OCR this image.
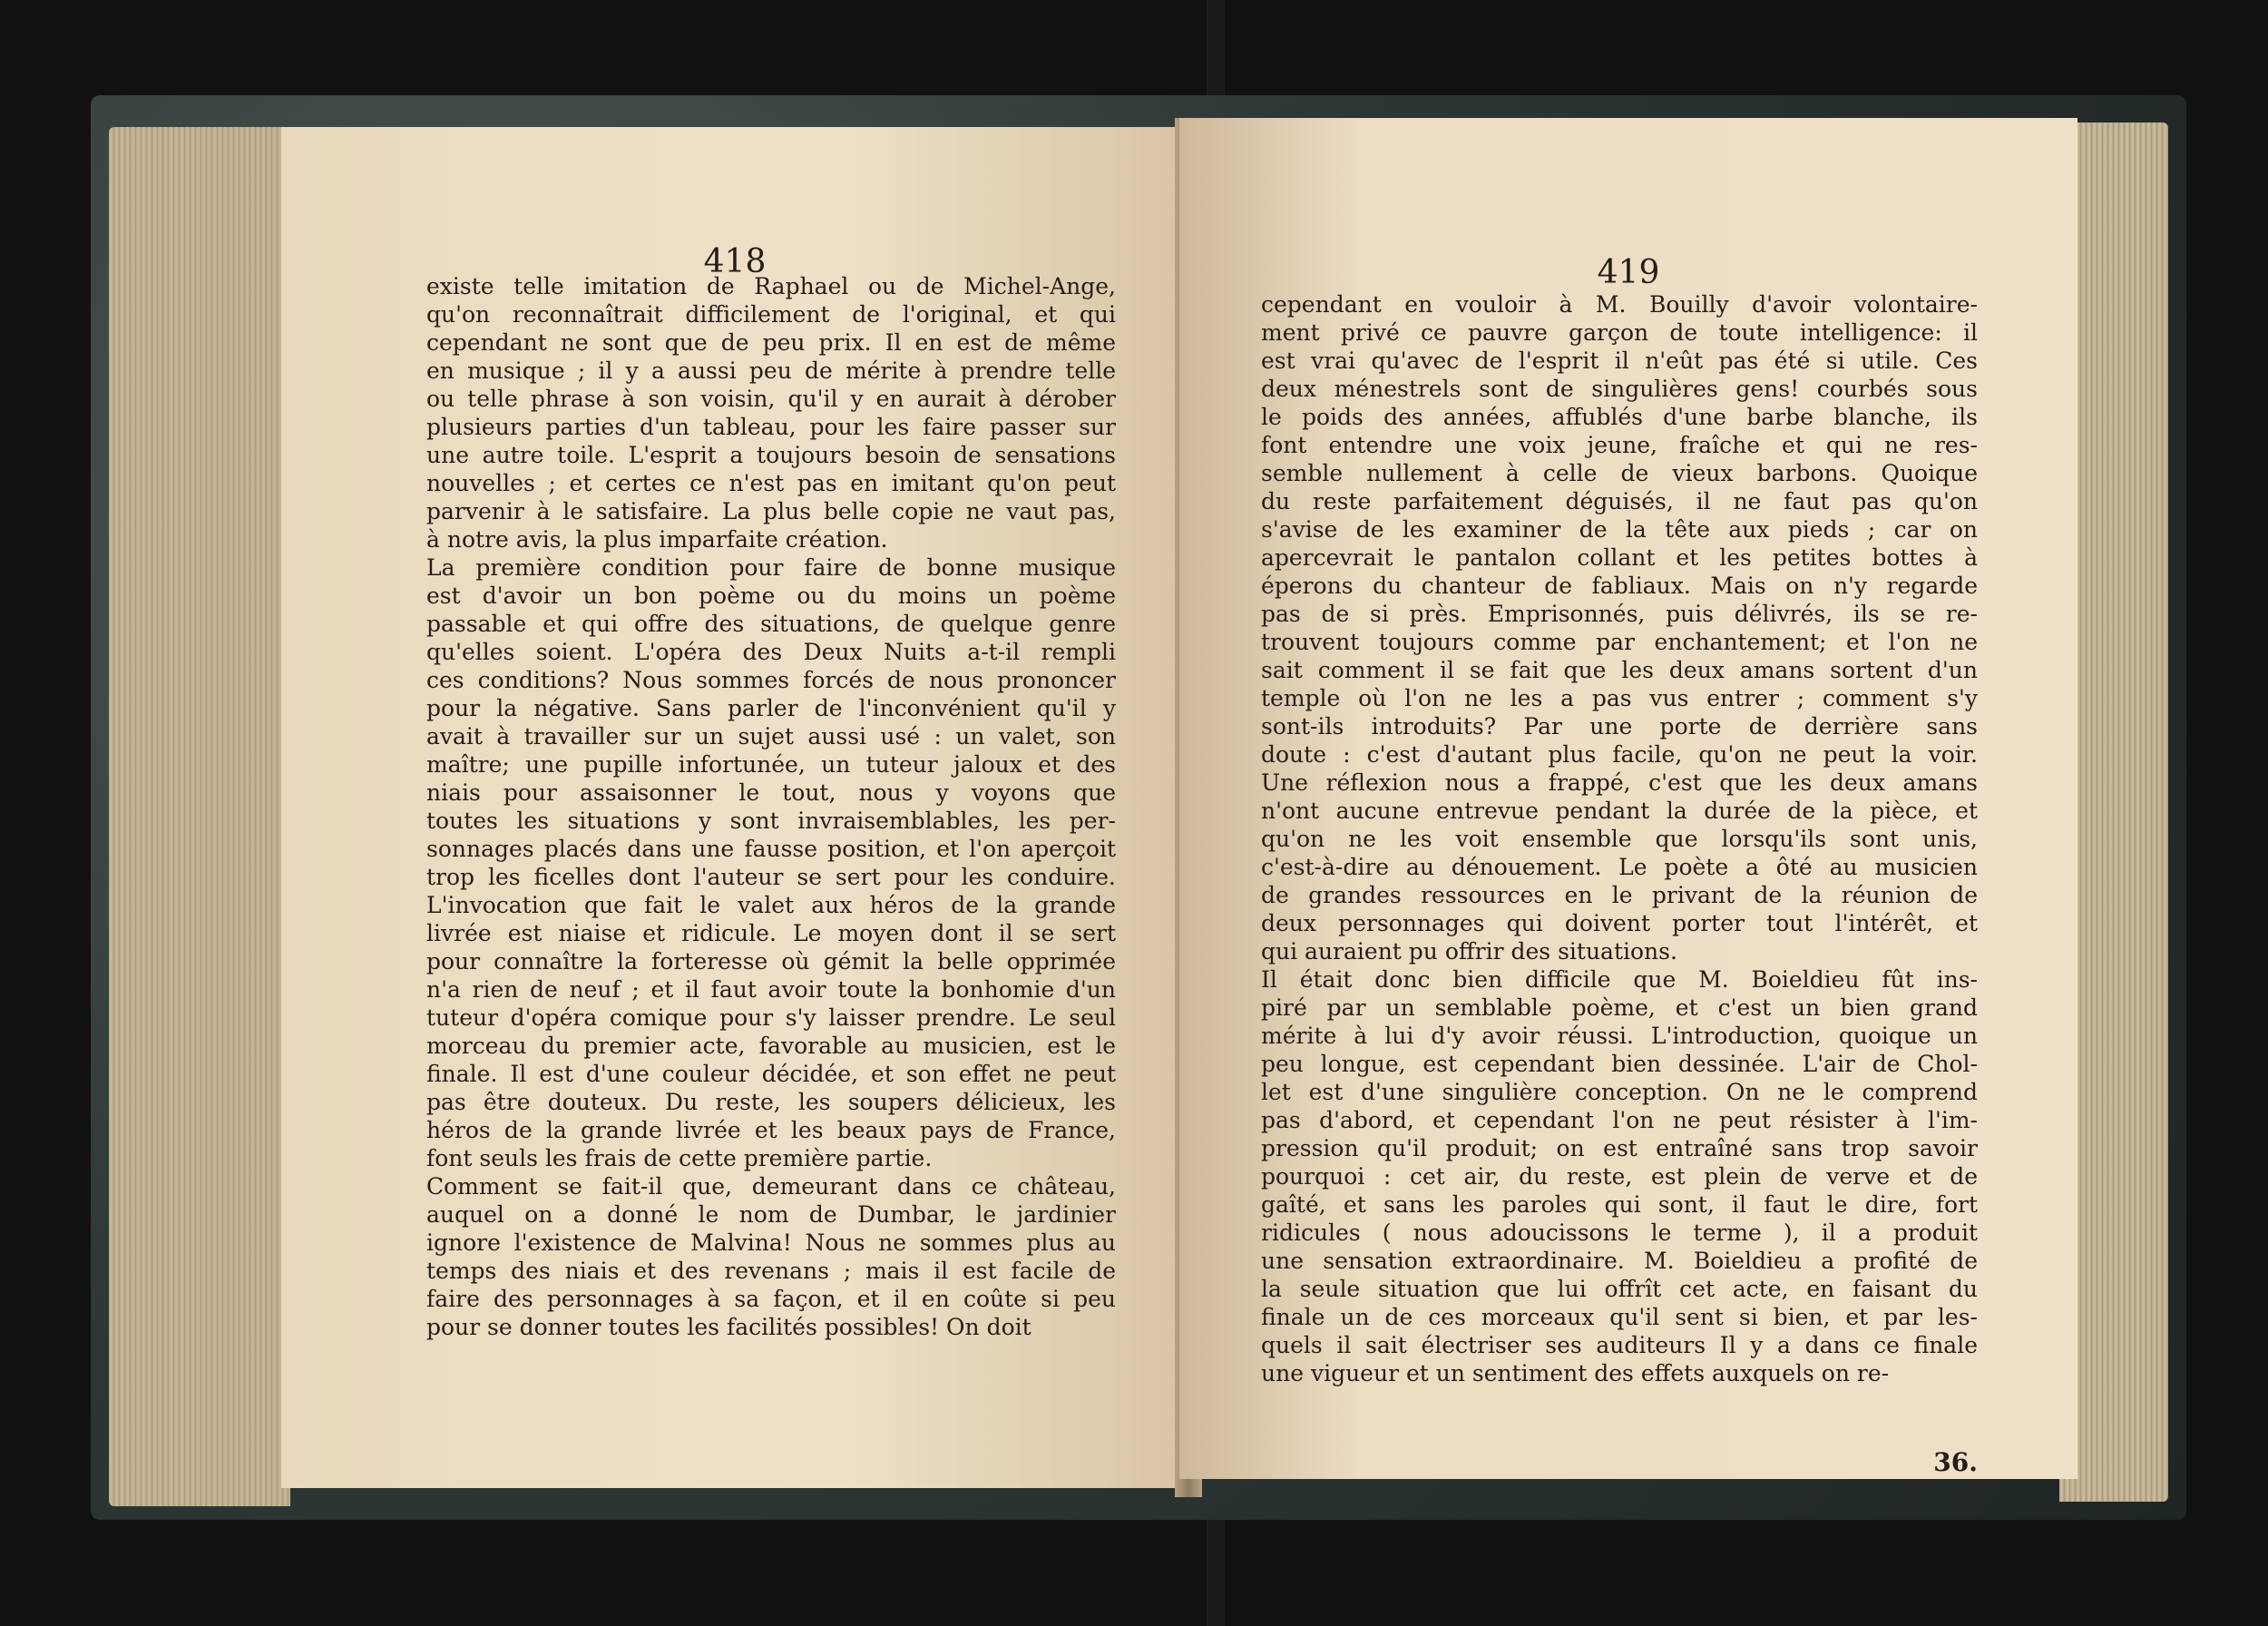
418
existe telle imitation de Raphael ou de Michel-Ange,
qu'on reconnaîtrait difficilement de l'original, et qui
cependant ne sont que de peu prix. Il en est de même
en musique ; il y a aussi peu de mérite à prendre telle
ou telle phrase à son voisin, qu'il y en aurait à dérober
plusieurs parties d'un tableau, pour les faire passer sur
une autre toile. L'esprit a toujours besoin de sensations
nouvelles ; et certes ce n'est pas en imitant qu'on peut
parvenir à le satisfaire. La plus belle copie ne vaut pas,
à notre avis, la plus imparfaite création.
La première condition pour faire de bonne musique
est d'avoir un bon poème ou du moins un poème
passable et qui offre des situations, de quelque genre
qu'elles soient. L'opéra des Deux Nuits a-t-il rempli
ces conditions? Nous sommes forcés de nous prononcer
pour la négative. Sans parler de l'inconvénient qu'il y
avait à travailler sur un sujet aussi usé : un valet, son
maître; une pupille infortunée, un tuteur jaloux et des
niais pour assaisonner le tout, nous y voyons que
toutes les situations y sont invraisemblables, les per-
sonnages placés dans une fausse position, et l'on aperçoit
trop les ficelles dont l'auteur se sert pour les conduire.
L'invocation que fait le valet aux héros de la grande
livrée est niaise et ridicule. Le moyen dont il se sert
pour connaître la forteresse où gémit la belle opprimée
n'a rien de neuf ; et il faut avoir toute la bonhomie d'un
tuteur d'opéra comique pour s'y laisser prendre. Le seul
morceau du premier acte, favorable au musicien, est le
finale. Il est d'une couleur décidée, et son effet ne peut
pas être douteux. Du reste, les soupers délicieux, les
héros de la grande livrée et les beaux pays de France,
font seuls les frais de cette première partie.
Comment se fait-il que, demeurant dans ce château,
auquel on a donné le nom de Dumbar, le jardinier
ignore l'existence de Malvina! Nous ne sommes plus au
temps des niais et des revenans ; mais il est facile de
faire des personnages à sa façon, et il en coûte si peu
pour se donner toutes les facilités possibles! On doit
419
cependant en vouloir à M. Bouilly d'avoir volontaire-
ment privé ce pauvre garçon de toute intelligence: il
est vrai qu'avec de l'esprit il n'eût pas été si utile. Ces
deux ménestrels sont de singulières gens! courbés sous
le poids des années, affublés d'une barbe blanche, ils
font entendre une voix jeune, fraîche et qui ne res-
semble nullement à celle de vieux barbons. Quoique
du reste parfaitement déguisés, il ne faut pas qu'on
s'avise de les examiner de la tête aux pieds ; car on
apercevrait le pantalon collant et les petites bottes à
éperons du chanteur de fabliaux. Mais on n'y regarde
pas de si près. Emprisonnés, puis délivrés, ils se re-
trouvent toujours comme par enchantement; et l'on ne
sait comment il se fait que les deux amans sortent d'un
temple où l'on ne les a pas vus entrer ; comment s'y
sont-ils introduits? Par une porte de derrière sans
doute : c'est d'autant plus facile, qu'on ne peut la voir.
Une réflexion nous a frappé, c'est que les deux amans
n'ont aucune entrevue pendant la durée de la pièce, et
qu'on ne les voit ensemble que lorsqu'ils sont unis,
c'est-à-dire au dénouement. Le poète a ôté au musicien
de grandes ressources en le privant de la réunion de
deux personnages qui doivent porter tout l'intérêt, et
qui auraient pu offrir des situations.
Il était donc bien difficile que M. Boieldieu fût ins-
piré par un semblable poème, et c'est un bien grand
mérite à lui d'y avoir réussi. L'introduction, quoique un
peu longue, est cependant bien dessinée. L'air de Chol-
let est d'une singulière conception. On ne le comprend
pas d'abord, et cependant l'on ne peut résister à l'im-
pression qu'il produit; on est entraîné sans trop savoir
pourquoi : cet air, du reste, est plein de verve et de
gaîté, et sans les paroles qui sont, il faut le dire, fort
ridicules ( nous adoucissons le terme ), il a produit
une sensation extraordinaire. M. Boieldieu a profité de
la seule situation que lui offrît cet acte, en faisant du
finale un de ces morceaux qu'il sent si bien, et par les-
quels il sait électriser ses auditeurs Il y a dans ce finale
une vigueur et un sentiment des effets auxquels on re-
36.
